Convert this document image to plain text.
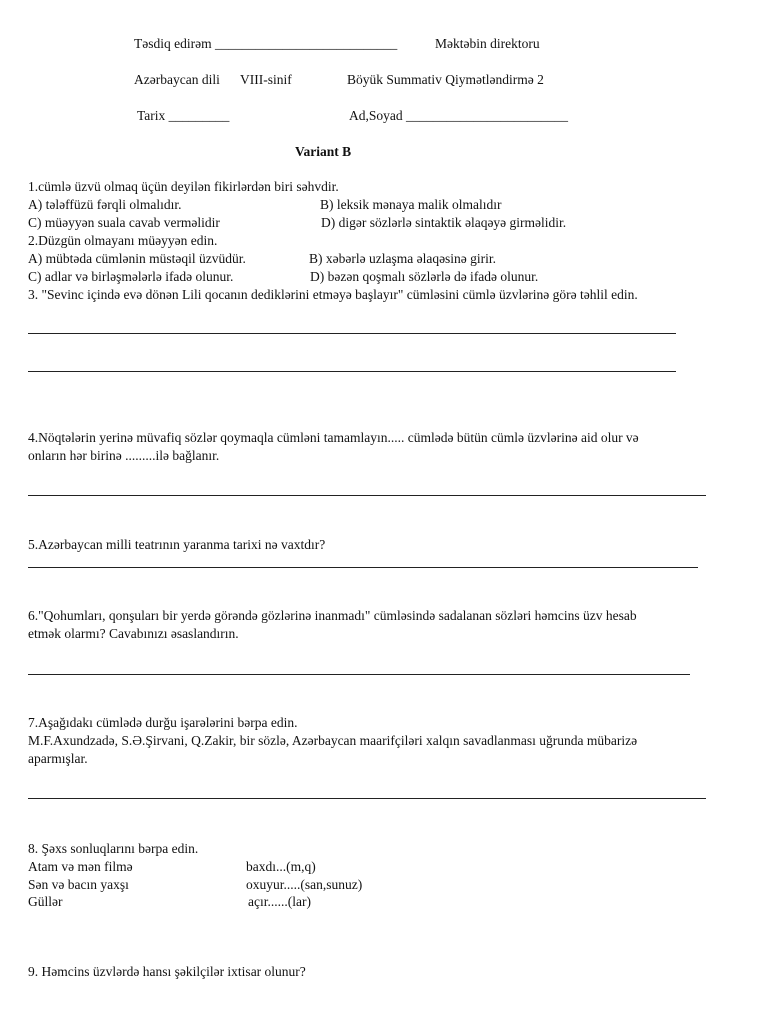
Təsdiq edirəm ___________________________	Məktəbin direktoru
Azərbaycan dili VIII-sinif	Böyük Summativ Qiymətləndirmə 2
Tarix _________	Ad,Soyad ________________________
Variant B
1.cümlə üzvü olmaq üçün deyilən fikirlərdən biri səhvdir.
A) tələffüzü fərqli olmalıdır.	B) leksik mənaya malik olmalıdır
C) müəyyən suala cavab verməlidir	D) digər sözlərlə sintaktik əlaqəyə girməlidir.
2.Düzgün olmayanı müəyyən edin.
A) mübtəda cümlənin müstəqil üzvüdür.	B) xəbərlə uzlaşma əlaqəsinə girir.
C) adlar və birləşmələrlə ifadə olunur.	D) bəzən qoşmalı sözlərlə də ifadə olunur.
3. "Sevinc içində evə dönən Lili qocanın dediklərini etməyə başlayır" cümləsini cümlə üzvlərinə görə təhlil edin.
4.Nöqtələrin yerinə müvafiq sözlər qoymaqla cümləni tamamlayın..... cümlədə bütün cümlə üzvlərinə aid olur və
onların hər birinə .........ilə bağlanır.
5.Azərbaycan milli teatrının yaranma tarixi nə vaxtdır?
6."Qohumları, qonşuları bir yerdə görəndə gözlərinə inanmadı" cümləsində sadalanan sözləri həmcins üzv hesab
etmək olarmı? Cavabınızı əsaslandırın.
7.Aşağıdakı cümlədə durğu işarələrini bərpa edin.
M.F.Axundzadə, S.Ə.Şirvani, Q.Zakir, bir sözlə, Azərbaycan maarifçiləri xalqın savadlanması uğrunda mübarizə
aparmışlar.
8. Şəxs sonluqlarını bərpa edin.
Atam və mən filmə	baxdı...(m,q)
Sən və bacın yaxşı	oxuyur.....(san,sunuz)
Güllər	açır......(lar)
9. Həmcins üzvlərdə hansı şəkilçilər ixtisar olunur?
